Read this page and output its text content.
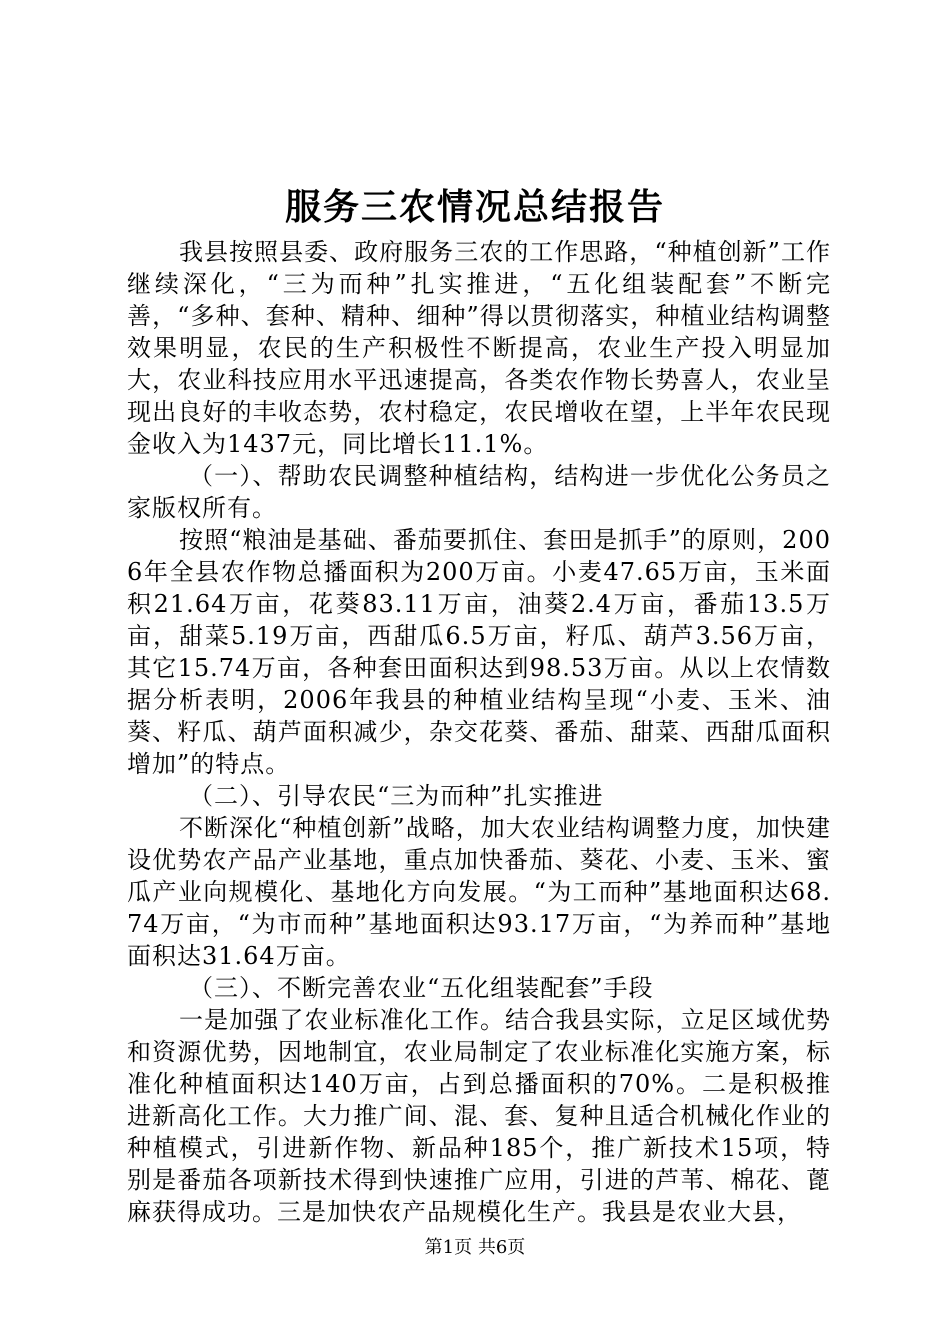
服务三农情况总结报告

我县按照县委、政府服务三农的工作思路，“种植创新”工作继续深化，“三为而种”扎实推进，“五化组装配套”不断完善，“多种、套种、精种、细种”得以贯彻落实，种植业结构调整效果明显，农民的生产积极性不断提高，农业生产投入明显加大，农业科技应用水平迅速提高，各类农作物长势喜人，农业呈现出良好的丰收态势，农村稳定，农民增收在望，上半年农民现金收入为1437元，同比增长11.1%。

（一）、帮助农民调整种植结构，结构进一步优化公务员之家版权所有。

按照“粮油是基础、番茄要抓住、套田是抓手”的原则，2006年全县农作物总播面积为200万亩。小麦47.65万亩，玉米面积21.64万亩，花葵83.11万亩，油葵2.4万亩，番茄13.5万亩，甜菜5.19万亩，西甜瓜6.5万亩，籽瓜、葫芦3.56万亩，其它15.74万亩，各种套田面积达到98.53万亩。从以上农情数据分析表明，2006年我县的种植业结构呈现“小麦、玉米、油葵、籽瓜、葫芦面积减少，杂交花葵、番茄、甜菜、西甜瓜面积增加”的特点。

（二）、引导农民“三为而种”扎实推进

不断深化“种植创新”战略，加大农业结构调整力度，加快建设优势农产品产业基地，重点加快番茄、葵花、小麦、玉米、蜜瓜产业向规模化、基地化方向发展。“为工而种”基地面积达68.74万亩，“为市而种”基地面积达93.17万亩，“为养而种”基地面积达31.64万亩。

（三）、不断完善农业“五化组装配套”手段

一是加强了农业标准化工作。结合我县实际，立足区域优势和资源优势，因地制宜，农业局制定了农业标准化实施方案，标准化种植面积达140万亩，占到总播面积的70%。二是积极推进新高化工作。大力推广间、混、套、复种且适合机械化作业的种植模式，引进新作物、新品种185个，推广新技术15项，特别是番茄各项新技术得到快速推广应用，引进的芦苇、棉花、蓖麻获得成功。三是加快农产品规模化生产。我县是农业大县，

第1页 共6页
